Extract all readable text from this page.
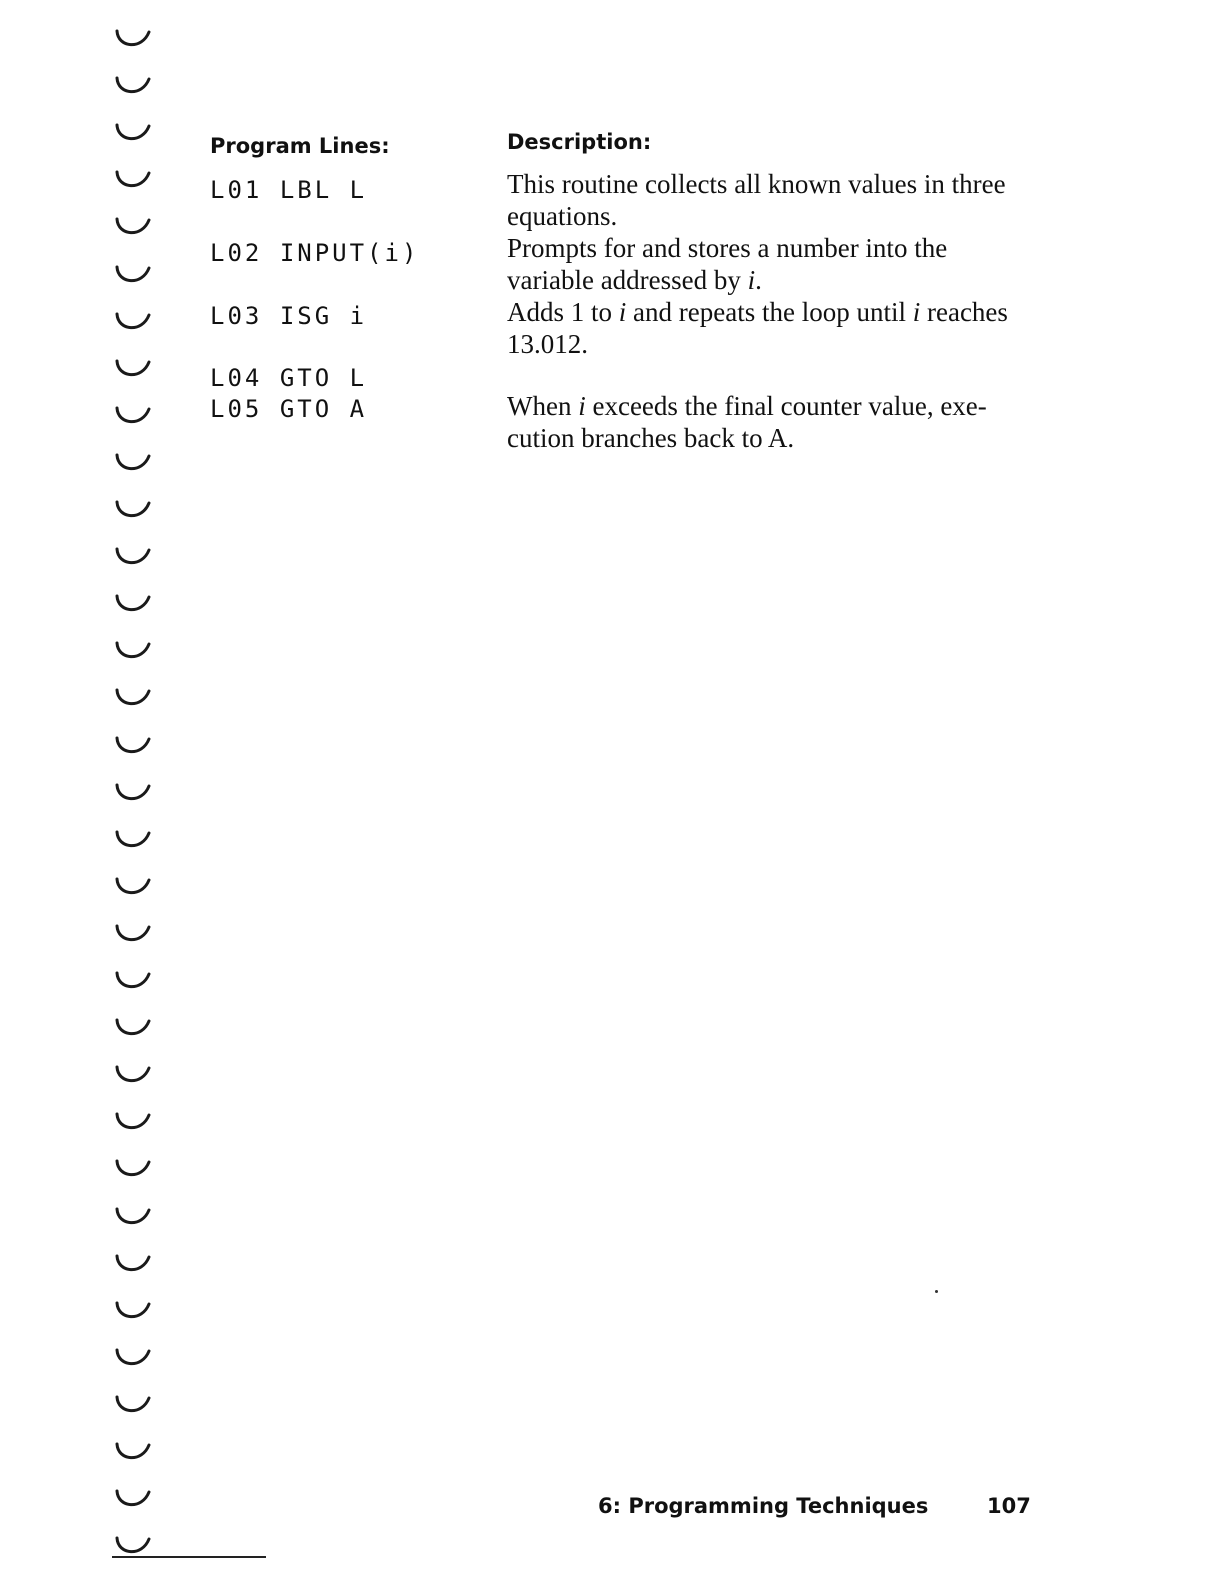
Program Lines:	Description:
L01 LBL L
L02 INPUT(i)
L03 ISG i
L04 GTO L
L05 GTO A
This routine collects all known values in three equations.
Prompts for and stores a number into the variable addressed by i.
Adds 1 to i and repeats the loop until i reaches 13.012.
When i exceeds the final counter value, exe-cution branches back to A.
6: Programming Techniques	107
